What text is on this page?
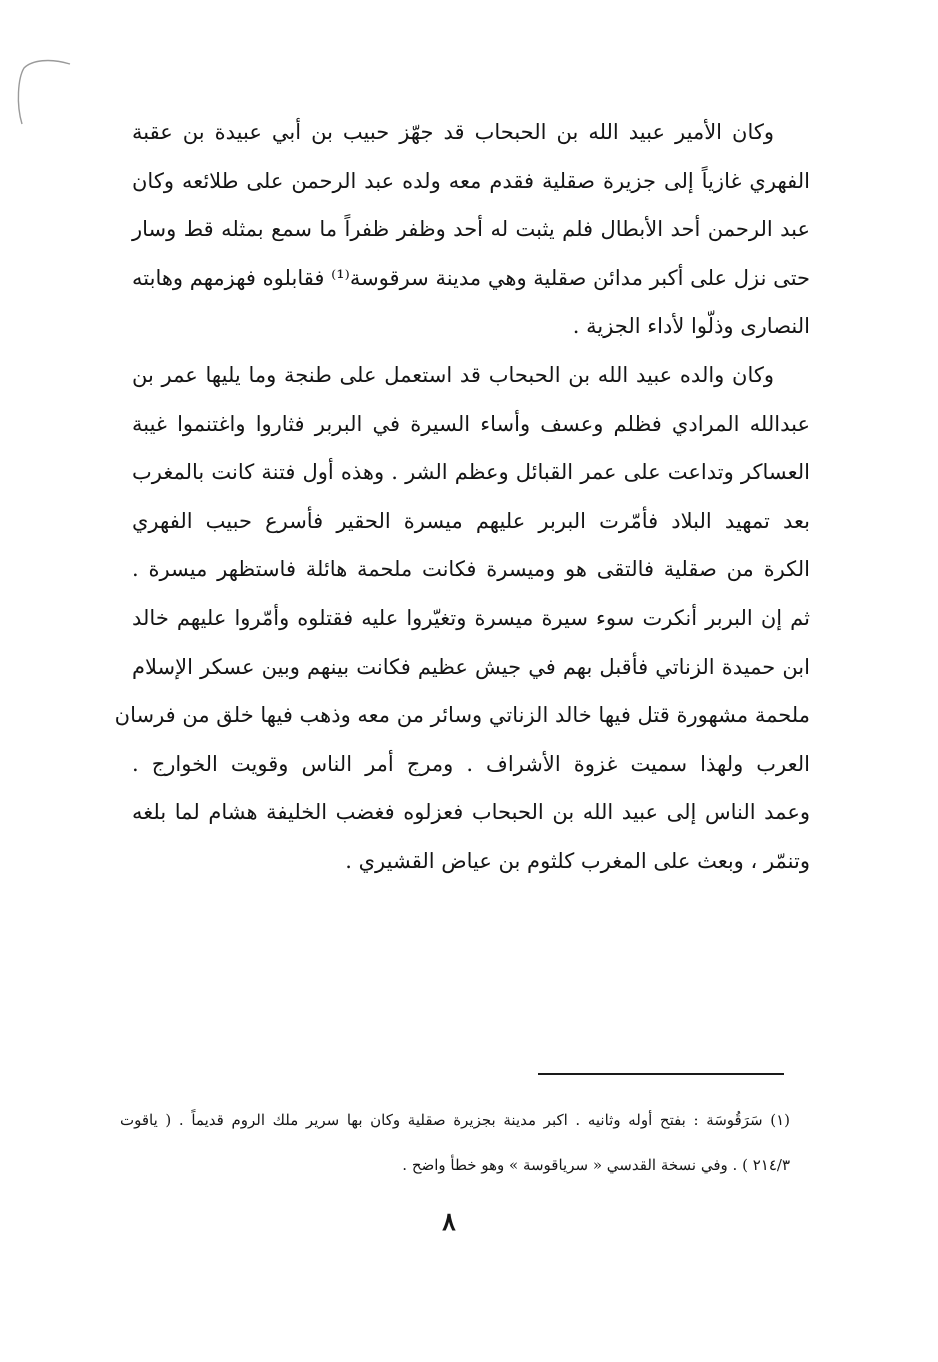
وكان الأمير عبيد الله بن الحبحاب قد جهّز حبيب بن أبي عبيدة بن عقبة
الفهري غازياً إلى جزيرة صقلية فقدم معه ولده عبد الرحمن على طلائعه وكان
عبد الرحمن أحد الأبطال فلم يثبت له أحد وظفر ظفراً ما سمع بمثله قط وسار
حتى نزل على أكبر مدائن صقلية وهي مدينة سرقوسة⁽¹⁾ فقابلوه فهزمهم وهابته
النصارى وذلّوا لأداء الجزية .
وكان والده عبيد الله بن الحبحاب قد استعمل على طنجة وما يليها عمر بن
عبدالله المرادي فظلم وعسف وأساء السيرة في البربر فثاروا واغتنموا غيبة
العساكر وتداعت على عمر القبائل وعظم الشر . وهذه أول فتنة كانت بالمغرب
بعد تمهيد البلاد فأمّرت البربر عليهم ميسرة الحقير فأسرع حبيب الفهري
الكرة من صقلية فالتقى هو وميسرة فكانت ملحمة هائلة فاستظهر ميسرة .
ثم إن البربر أنكرت سوء سيرة ميسرة وتغيّروا عليه فقتلوه وأمّروا عليهم خالد
ابن حميدة الزناتي فأقبل بهم في جيش عظيم فكانت بينهم وبين عسكر الإسلام
ملحمة مشهورة قتل فيها خالد الزناتي وسائر من معه وذهب فيها خلق من فرسان
العرب ولهذا سميت غزوة الأشراف . ومرج أمر الناس وقويت الخوارج .
وعمد الناس إلى عبيد الله بن الحبحاب فعزلوه فغضب الخليفة هشام لما بلغه
وتنمّر ، وبعث على المغرب كلثوم بن عياض القشيري .
(١) سَرَقُوسَة : بفتح أوله وثانيه . اكبر مدينة بجزيرة صقلية وكان بها سرير ملك الروم قديماً . ( ياقوت
٢١٤/٣ ) . وفي نسخة القدسي « سرياقوسة » وهو خطأ واضح .
٨
